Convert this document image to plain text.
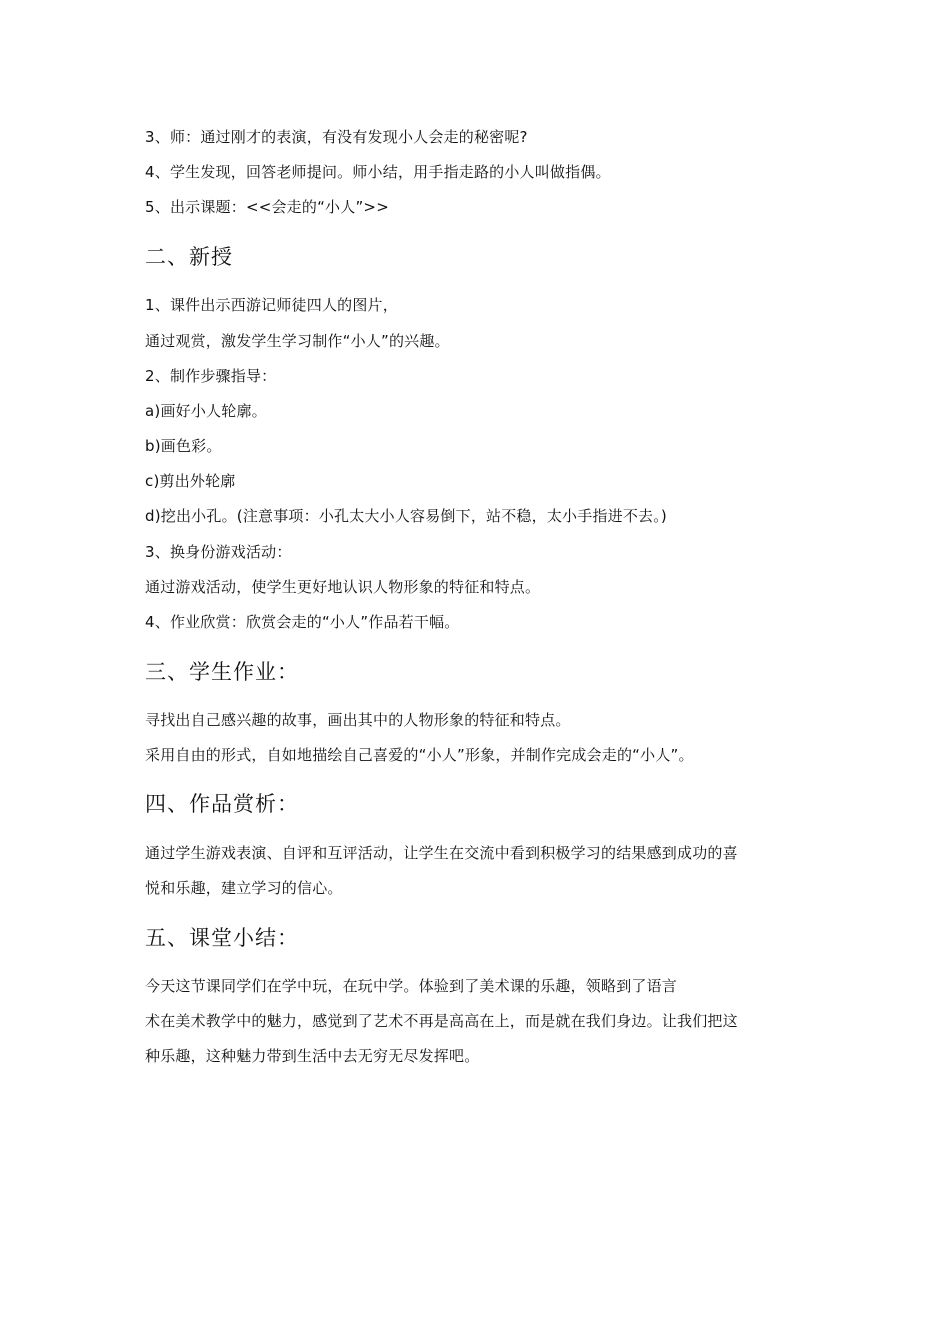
3、师：通过刚才的表演，有没有发现小人会走的秘密呢?
4、学生发现，回答老师提问。师小结，用手指走路的小人叫做指偶。
5、出示课题：<<会走的“小人”>>
二、新授
1、课件出示西游记师徒四人的图片，
通过观赏，激发学生学习制作“小人”的兴趣。
2、制作步骤指导：
a)画好小人轮廓。
b)画色彩。
c)剪出外轮廓
d)挖出小孔。(注意事项：小孔太大小人容易倒下，站不稳，太小手指进不去。)
3、换身份游戏活动：
通过游戏活动，使学生更好地认识人物形象的特征和特点。
4、作业欣赏：欣赏会走的“小人”作品若干幅。
三、学生作业：
寻找出自己感兴趣的故事，画出其中的人物形象的特征和特点。
采用自由的形式，自如地描绘自己喜爱的“小人”形象，并制作完成会走的“小人”。
四、作品赏析：
通过学生游戏表演、自评和互评活动，让学生在交流中看到积极学习的结果感到成功的喜
悦和乐趣，建立学习的信心。
五、课堂小结：
今天这节课同学们在学中玩，在玩中学。体验到了美术课的乐趣，领略到了语言
术在美术教学中的魅力，感觉到了艺术不再是高高在上，而是就在我们身边。让我们把这
种乐趣，这种魅力带到生活中去无穷无尽发挥吧。
